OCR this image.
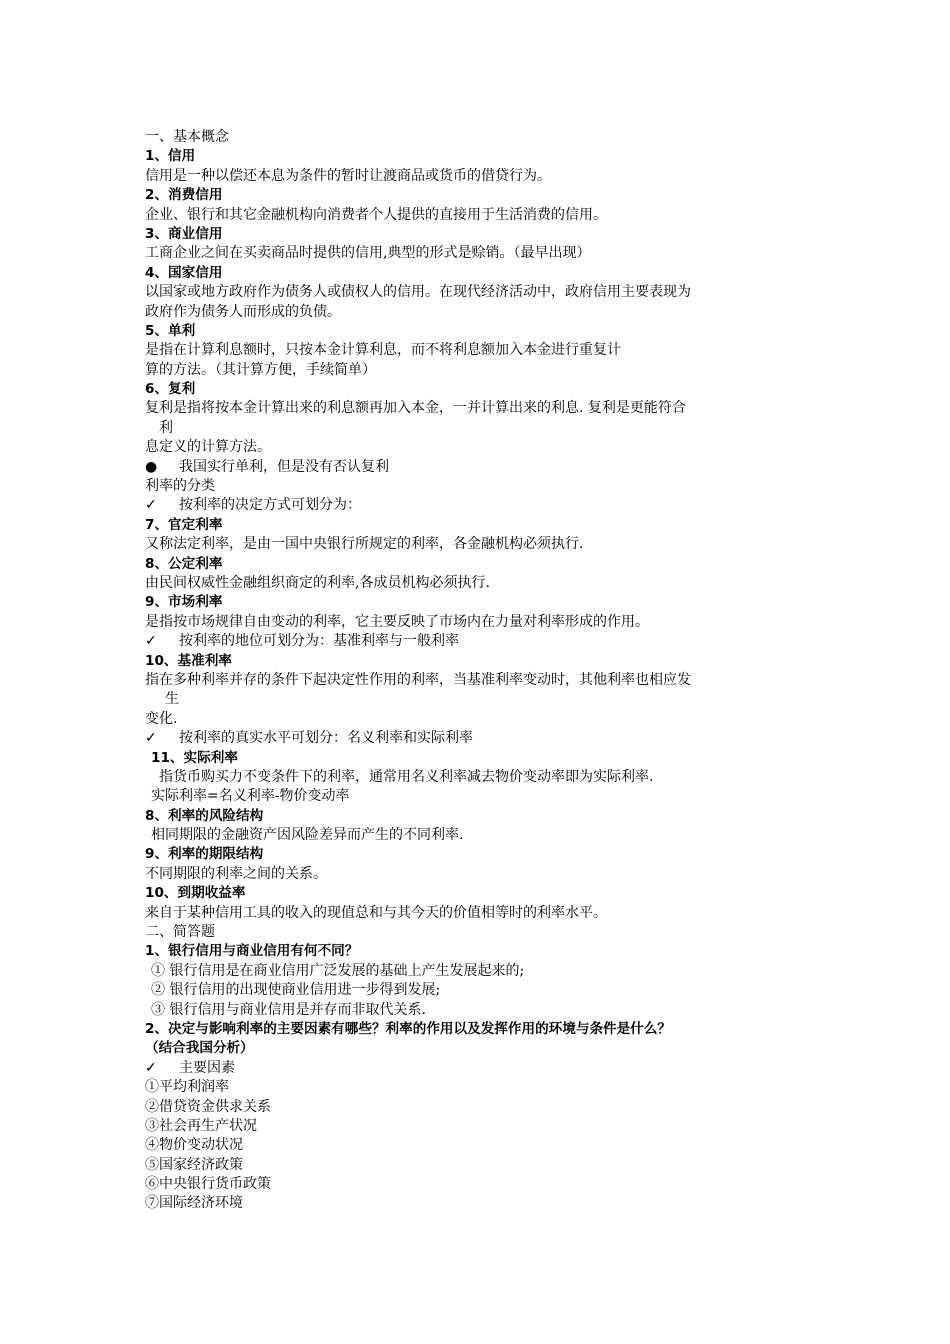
一、基本概念
1、信用
信用是一种以偿还本息为条件的暂时让渡商品或货币的借贷行为。
2、消费信用
企业、银行和其它金融机构向消费者个人提供的直接用于生活消费的信用。
3、商业信用
工商企业之间在买卖商品时提供的信用,典型的形式是赊销。（最早出现）
4、国家信用
以国家或地方政府作为债务人或债权人的信用。在现代经济活动中，政府信用主要表现为
政府作为债务人而形成的负债。
5、单利
是指在计算利息额时，只按本金计算利息，而不将利息额加入本金进行重复计
算的方法。（其计算方便，手续简单）
6、复利
复利是指将按本金计算出来的利息额再加入本金，一并计算出来的利息. 复利是更能符合
利
息定义的计算方法。
● 我国实行单利，但是没有否认复利
利率的分类
✓ 按利率的决定方式可划分为：
7、官定利率
又称法定利率，是由一国中央银行所规定的利率，各金融机构必须执行.
8、公定利率
由民间权威性金融组织商定的利率,各成员机构必须执行.
9、市场利率
是指按市场规律自由变动的利率，它主要反映了市场内在力量对利率形成的作用。
✓ 按利率的地位可划分为：基准利率与一般利率
10、基准利率
指在多种利率并存的条件下起决定性作用的利率，当基准利率变动时，其他利率也相应发
生
变化.
✓ 按利率的真实水平可划分：名义利率和实际利率
11、实际利率
指货币购买力不变条件下的利率，通常用名义利率减去物价变动率即为实际利率.
实际利率=名义利率-物价变动率
8、利率的风险结构
相同期限的金融资产因风险差异而产生的不同利率.
9、利率的期限结构
不同期限的利率之间的关系。
10、到期收益率
来自于某种信用工具的收入的现值总和与其今天的价值相等时的利率水平。
二、简答题
1、银行信用与商业信用有何不同？
① 银行信用是在商业信用广泛发展的基础上产生发展起来的;
② 银行信用的出现使商业信用进一步得到发展;
③ 银行信用与商业信用是并存而非取代关系.
2、决定与影响利率的主要因素有哪些？利率的作用以及发挥作用的环境与条件是什么？
（结合我国分析）
✓ 主要因素
①平均利润率
②借贷资金供求关系
③社会再生产状况
④物价变动状况
⑤国家经济政策
⑥中央银行货币政策
⑦国际经济环境
